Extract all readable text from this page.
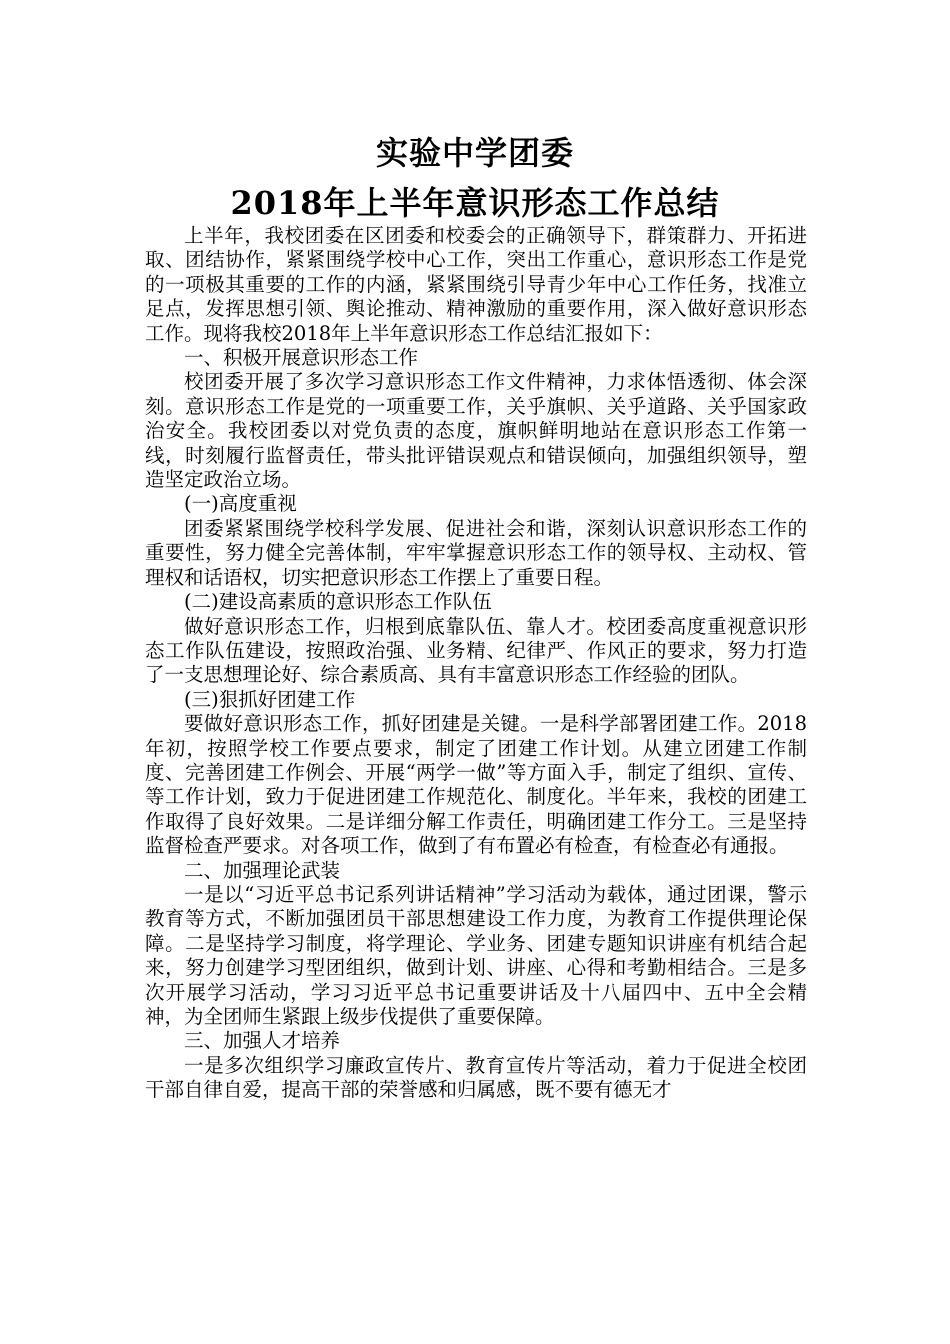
实验中学团委
2018年上半年意识形态工作总结

上半年，我校团委在区团委和校委会的正确领导下，群策群力、开拓进取、团结协作，紧紧围绕学校中心工作，突出工作重心，意识形态工作是党的一项极其重要的工作的内涵，紧紧围绕引导青少年中心工作任务，找准立足点，发挥思想引领、舆论推动、精神激励的重要作用，深入做好意识形态工作。现将我校2018年上半年意识形态工作总结汇报如下：

一、积极开展意识形态工作

校团委开展了多次学习意识形态工作文件精神，力求体悟透彻、体会深刻。意识形态工作是党的一项重要工作，关乎旗帜、关乎道路、关乎国家政治安全。我校团委以对党负责的态度，旗帜鲜明地站在意识形态工作第一线，时刻履行监督责任，带头批评错误观点和错误倾向，加强组织领导，塑造坚定政治立场。

(一)高度重视

团委紧紧围绕学校科学发展、促进社会和谐，深刻认识意识形态工作的重要性，努力健全完善体制，牢牢掌握意识形态工作的领导权、主动权、管理权和话语权，切实把意识形态工作摆上了重要日程。

(二)建设高素质的意识形态工作队伍

做好意识形态工作，归根到底靠队伍、靠人才。校团委高度重视意识形态工作队伍建设，按照政治强、业务精、纪律严、作风正的要求，努力打造了一支思想理论好、综合素质高、具有丰富意识形态工作经验的团队。

(三)狠抓好团建工作

要做好意识形态工作，抓好团建是关键。一是科学部署团建工作。2018年初，按照学校工作要点要求，制定了团建工作计划。从建立团建工作制度、完善团建工作例会、开展“两学一做”等方面入手，制定了组织、宣传、等工作计划，致力于促进团建工作规范化、制度化。半年来，我校的团建工作取得了良好效果。二是详细分解工作责任，明确团建工作分工。三是坚持监督检查严要求。对各项工作，做到了有布置必有检查，有检查必有通报。

二、加强理论武装

一是以“习近平总书记系列讲话精神”学习活动为载体，通过团课，警示教育等方式，不断加强团员干部思想建设工作力度，为教育工作提供理论保障。二是坚持学习制度，将学理论、学业务、团建专题知识讲座有机结合起来，努力创建学习型团组织，做到计划、讲座、心得和考勤相结合。三是多次开展学习活动，学习习近平总书记重要讲话及十八届四中、五中全会精神，为全团师生紧跟上级步伐提供了重要保障。

三、加强人才培养

一是多次组织学习廉政宣传片、教育宣传片等活动，着力于促进全校团干部自律自爱，提高干部的荣誉感和归属感，既不要有德无才
